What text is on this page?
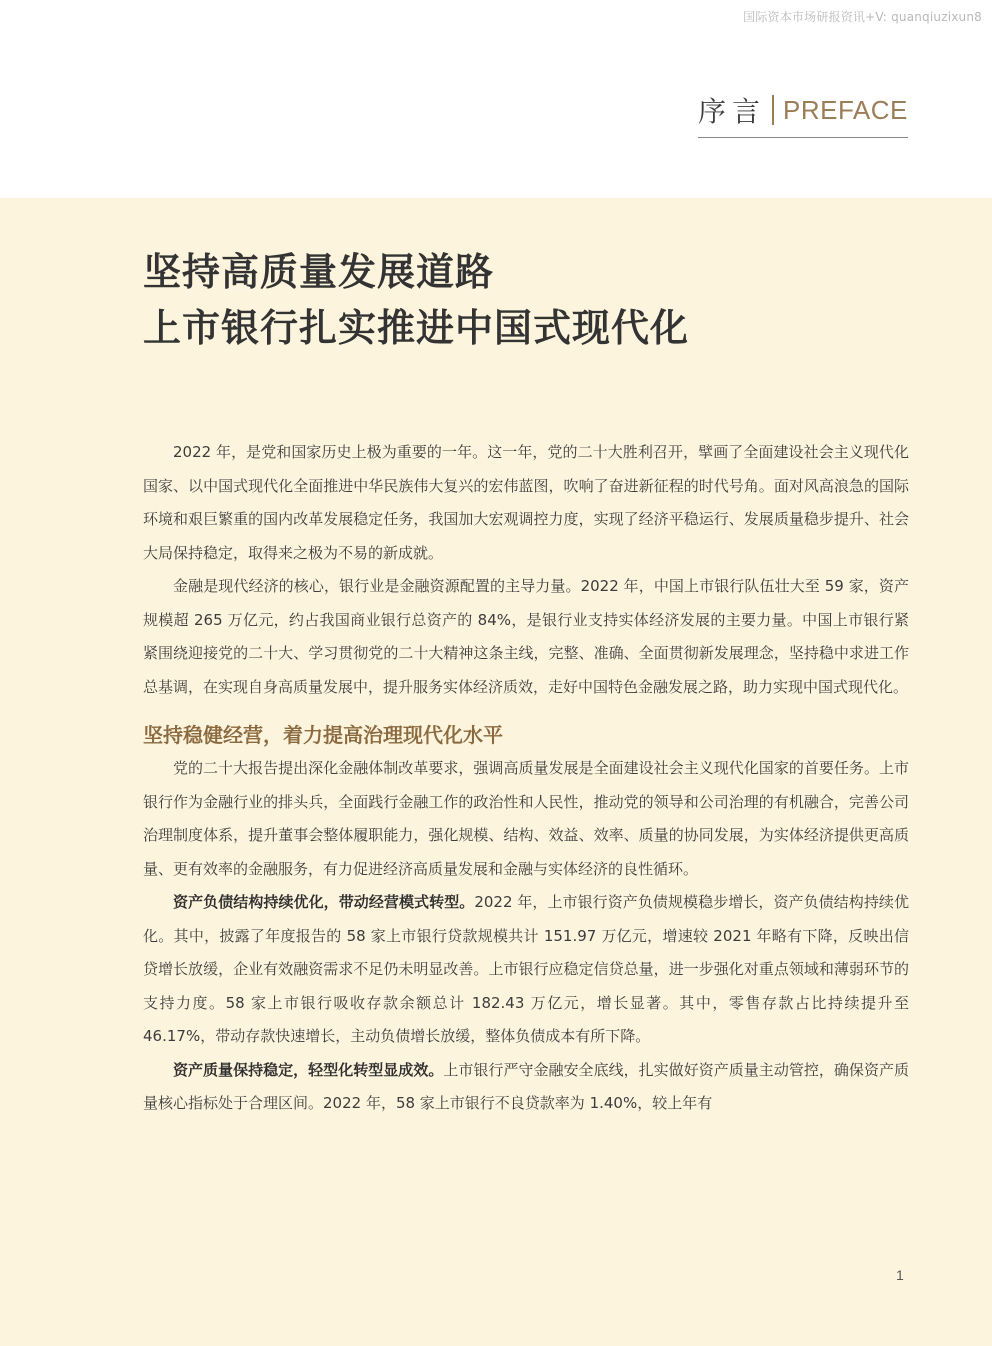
国际资本市场研报资讯+V: quanqiuzixun8
序言 PREFACE
坚持高质量发展道路
上市银行扎实推进中国式现代化

2022 年，是党和国家历史上极为重要的一年。这一年，党的二十大胜利召开，擘画了全面建设社会主义现代化国家、以中国式现代化全面推进中华民族伟大复兴的宏伟蓝图，吹响了奋进新征程的时代号角。面对风高浪急的国际环境和艰巨繁重的国内改革发展稳定任务，我国加大宏观调控力度，实现了经济平稳运行、发展质量稳步提升、社会大局保持稳定，取得来之极为不易的新成就。

金融是现代经济的核心，银行业是金融资源配置的主导力量。2022 年，中国上市银行队伍壮大至 59 家，资产规模超 265 万亿元，约占我国商业银行总资产的 84%，是银行业支持实体经济发展的主要力量。中国上市银行紧紧围绕迎接党的二十大、学习贯彻党的二十大精神这条主线，完整、准确、全面贯彻新发展理念，坚持稳中求进工作总基调，在实现自身高质量发展中，提升服务实体经济质效，走好中国特色金融发展之路，助力实现中国式现代化。

坚持稳健经营，着力提高治理现代化水平

党的二十大报告提出深化金融体制改革要求，强调高质量发展是全面建设社会主义现代化国家的首要任务。上市银行作为金融行业的排头兵，全面践行金融工作的政治性和人民性，推动党的领导和公司治理的有机融合，完善公司治理制度体系，提升董事会整体履职能力，强化规模、结构、效益、效率、质量的协同发展，为实体经济提供更高质量、更有效率的金融服务，有力促进经济高质量发展和金融与实体经济的良性循环。

资产负债结构持续优化，带动经营模式转型。2022 年，上市银行资产负债规模稳步增长，资产负债结构持续优化。其中，披露了年度报告的 58 家上市银行贷款规模共计 151.97 万亿元，增速较 2021 年略有下降，反映出信贷增长放缓，企业有效融资需求不足仍未明显改善。上市银行应稳定信贷总量，进一步强化对重点领域和薄弱环节的支持力度。58 家上市银行吸收存款余额总计 182.43 万亿元，增长显著。其中，零售存款占比持续提升至 46.17%，带动存款快速增长，主动负债增长放缓，整体负债成本有所下降。

资产质量保持稳定，轻型化转型显成效。上市银行严守金融安全底线，扎实做好资产质量主动管控，确保资产质量核心指标处于合理区间。2022 年，58 家上市银行不良贷款率为 1.40%，较上年有

1
